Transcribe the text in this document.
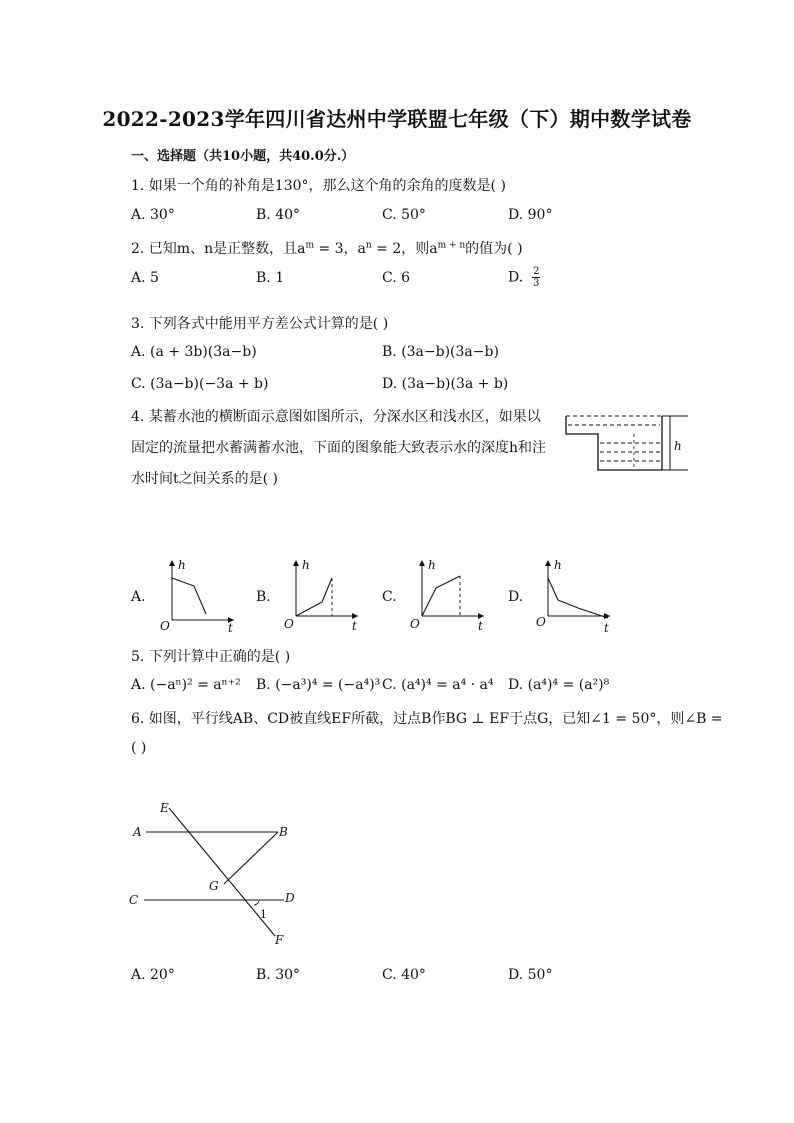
2022-2023学年四川省达州中学联盟七年级（下）期中数学试卷
一、选择题（共10小题，共40.0分.）
1. 如果一个角的补角是130°，那么这个角的余角的度数是( )
A. 30°	B. 40°	C. 50°	D. 90°
2. 已知m、n是正整数，且$a^m = 3$，$a^n = 2$，则$a^{m + n}$的值为( )
A. 5	B. 1	C. 6	D. $\frac{2}{3}$
3. 下列各式中能用平方差公式计算的是( )
A. (a + 3b)(3a−b)	B. (3a−b)(3a−b)
C. (3a−b)(−3a + b)	D. (3a−b)(3a + b)
4. 某蓄水池的横断面示意图如图所示，分深水区和浅水区，如果以
固定的流量把水蓄满蓄水池，下面的图象能大致表示水的深度h和注
水时间t之间关系的是( )
h
A.
h
O	t
B.
h
O	t
C.
h
O	t
D.
h
O	t
5. 下列计算中正确的是( )
A. (−aⁿ)² = aⁿ⁺² B. (−a³)⁴ = (−a⁴)³ C. (a⁴)⁴ = a⁴ · a⁴ D. (a⁴)⁴ = (a²)⁸
6. 如图，平行线AB、CD被直线EF所截，过点B作BG ⊥ EF于点G，已知∠1 = 50°，则∠B =
( )
E
A	B
G
C	D
1
F
A. 20°	B. 30°	C. 40°	D. 50°
